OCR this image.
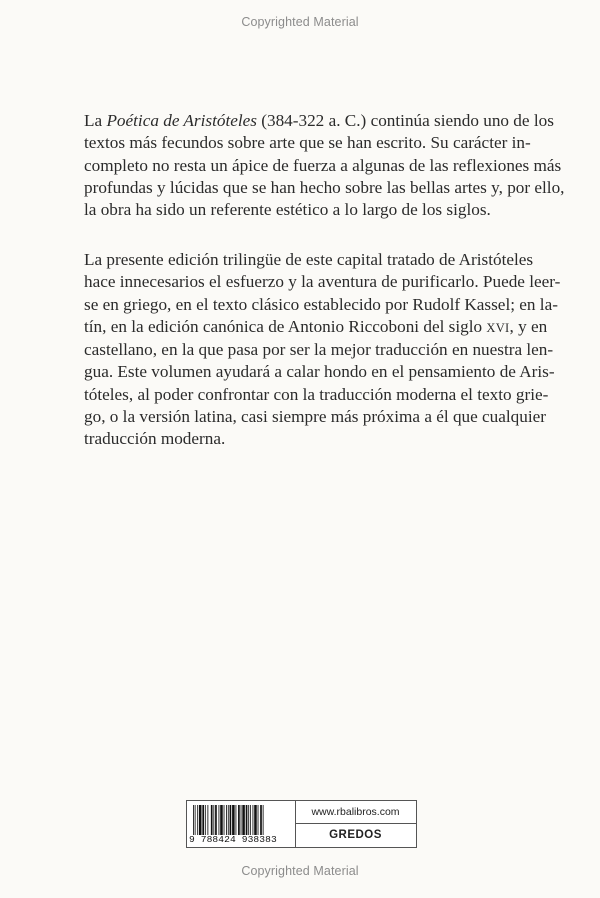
Copyrighted Material
La Poética de Aristóteles (384-322 a. C.) continúa siendo uno de los
textos más fecundos sobre arte que se han escrito. Su carácter in-
completo no resta un ápice de fuerza a algunas de las reflexiones más
profundas y lúcidas que se han hecho sobre las bellas artes y, por ello,
la obra ha sido un referente estético a lo largo de los siglos.
La presente edición trilingüe de este capital tratado de Aristóteles
hace innecesarios el esfuerzo y la aventura de purificarlo. Puede leer-
se en griego, en el texto clásico establecido por Rudolf Kassel; en la-
tín, en la edición canónica de Antonio Riccoboni del siglo XVI, y en
castellano, en la que pasa por ser la mejor traducción en nuestra len-
gua. Este volumen ayudará a calar hondo en el pensamiento de Aris-
tóteles, al poder confrontar con la traducción moderna el texto grie-
go, o la versión latina, casi siempre más próxima a él que cualquier
traducción moderna.
9 788424 938383
www.rbalibros.com
GREDOS
Copyrighted Material
